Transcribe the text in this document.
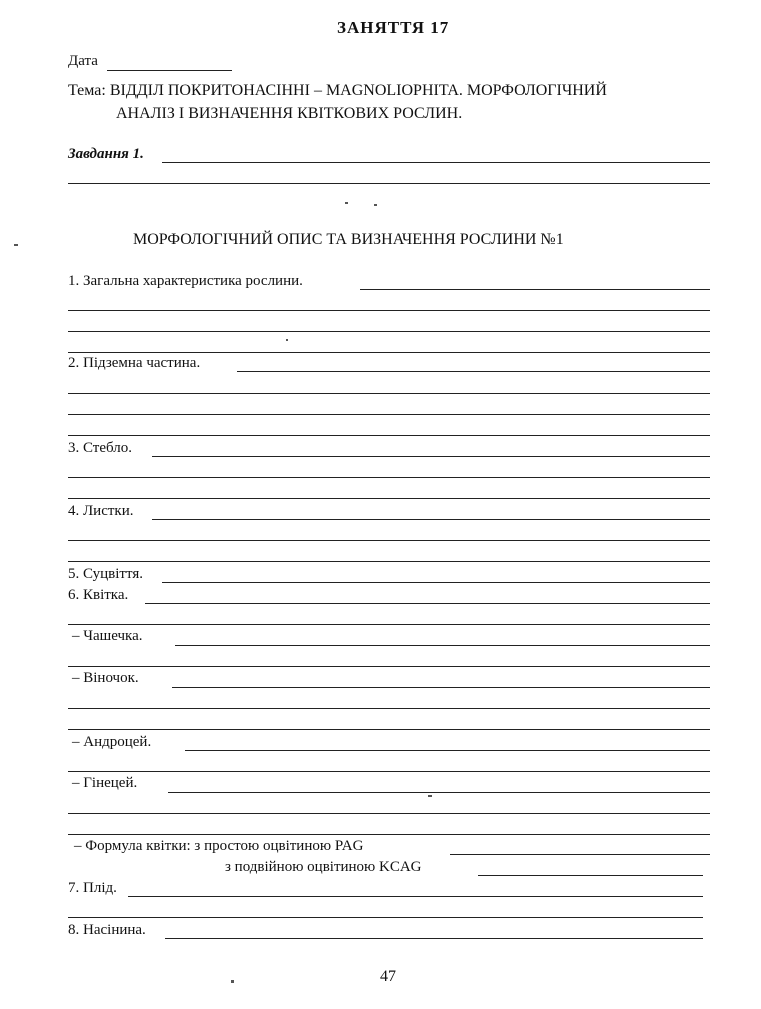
ЗАНЯТТЯ 17
Дата
Тема: ВІДДІЛ ПОКРИТОНАСІННІ – MAGNOLIOPHITA. МОРФОЛОГІЧНИЙ
АНАЛІЗ І ВИЗНАЧЕННЯ КВІТКОВИХ РОСЛИН.
Завдання 1.
МОРФОЛОГІЧНИЙ ОПИС ТА ВИЗНАЧЕННЯ РОСЛИНИ №1
1. Загальна характеристика рослини.
2. Підземна частина.
3. Стебло.
4. Листки.
5. Суцвіття.
6. Квітка.
– Чашечка.
– Віночок.
– Андроцей.
– Гінецей.
– Формула квітки: з простою оцвітиною PAG
з подвійною оцвітиною KCAG
7. Плід.
8. Насінина.
47
